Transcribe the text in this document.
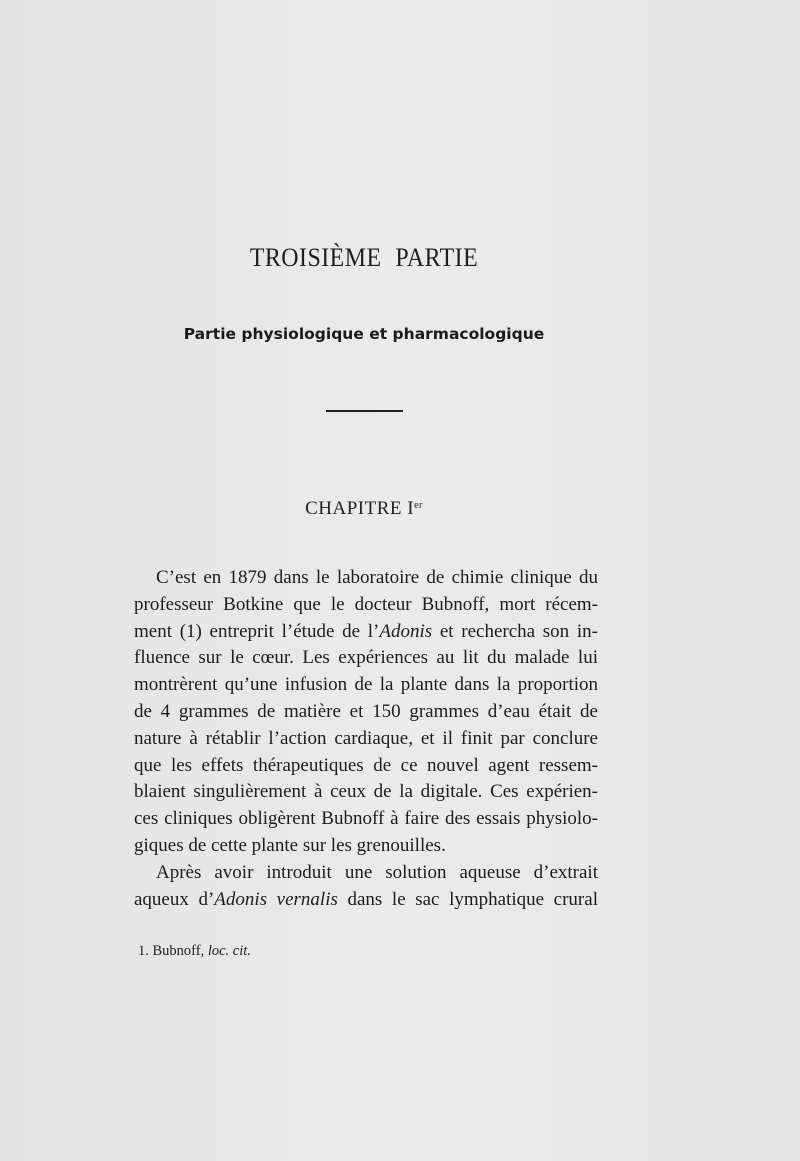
TROISIÈME PARTIE
Partie physiologique et pharmacologique
CHAPITRE Ier
C’est en 1879 dans le laboratoire de chimie clinique du
professeur Botkine que le docteur Bubnoff, mort récem-
ment (1) entreprit l’étude de l’Adonis et rechercha son in-
fluence sur le cœur. Les expériences au lit du malade lui
montrèrent qu’une infusion de la plante dans la proportion
de 4 grammes de matière et 150 grammes d’eau était de
nature à rétablir l’action cardiaque, et il finit par conclure
que les effets thérapeutiques de ce nouvel agent ressem-
blaient singulièrement à ceux de la digitale. Ces expérien-
ces cliniques obligèrent Bubnoff à faire des essais physiolo-
giques de cette plante sur les grenouilles.
Après avoir introduit une solution aqueuse d’extrait
aqueux d’Adonis vernalis dans le sac lymphatique crural
1. Bubnoff, loc. cit.
